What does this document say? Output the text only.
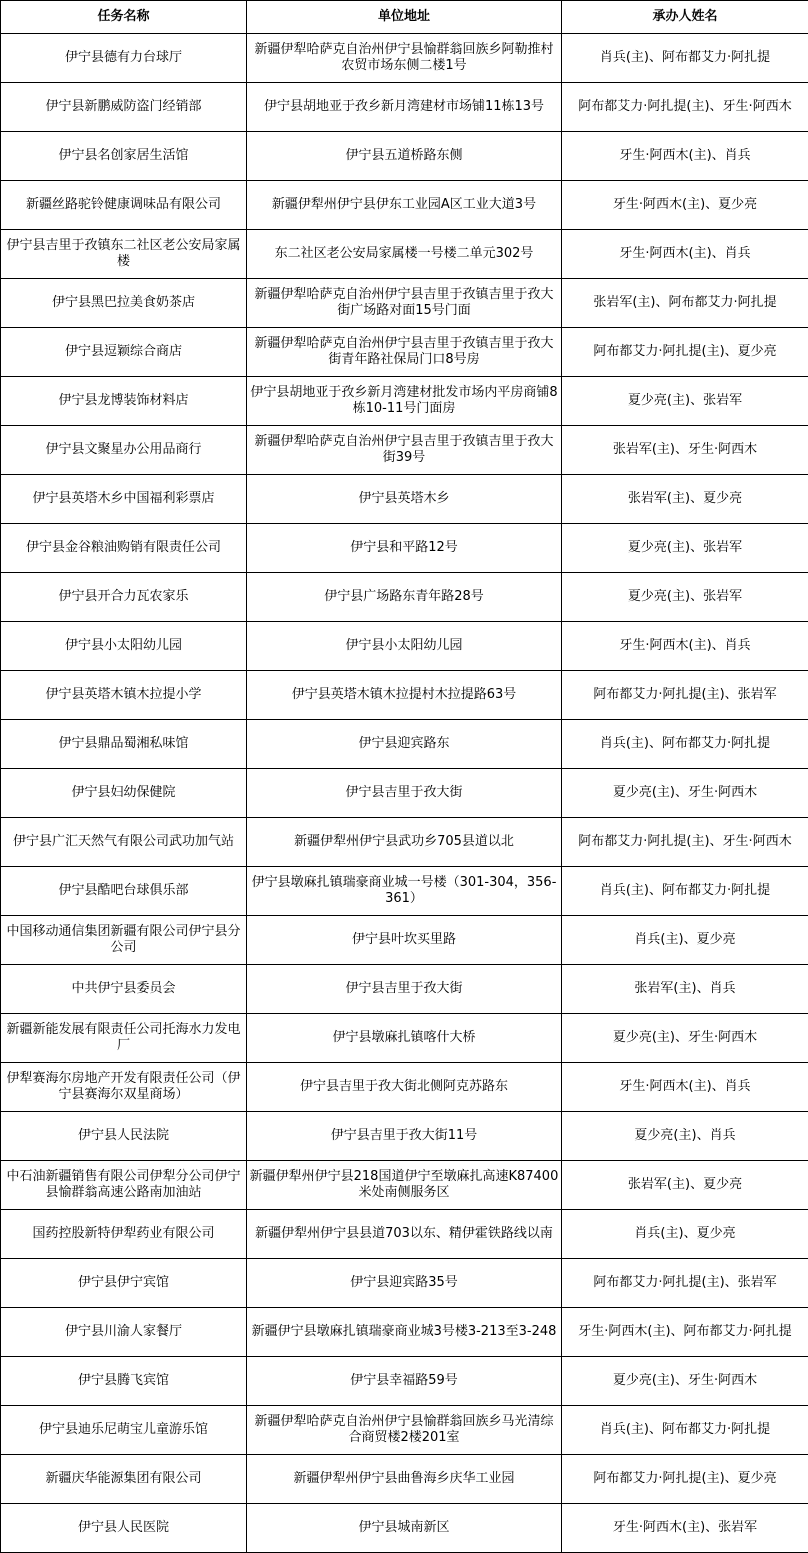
任务名称	单位地址	承办人姓名
伊宁县德有力台球厅	新疆伊犁哈萨克自治州伊宁县愉群翁回族乡阿勒推村农贸市场东侧二楼1号	肖兵(主)、阿布都艾力·阿扎提
伊宁县新鹏威防盗门经销部	伊宁县胡地亚于孜乡新月湾建材市场铺11栋13号	阿布都艾力·阿扎提(主)、牙生·阿西木
伊宁县名创家居生活馆	伊宁县五道桥路东侧	牙生·阿西木(主)、肖兵
新疆丝路驼铃健康调味品有限公司	新疆伊犁州伊宁县伊东工业园A区工业大道3号	牙生·阿西木(主)、夏少亮
伊宁县吉里于孜镇东二社区老公安局家属楼	东二社区老公安局家属楼一号楼二单元302号	牙生·阿西木(主)、肖兵
伊宁县黑巴拉美食奶茶店	新疆伊犁哈萨克自治州伊宁县吉里于孜镇吉里于孜大街广场路对面15号门面	张岩军(主)、阿布都艾力·阿扎提
伊宁县逗颖综合商店	新疆伊犁哈萨克自治州伊宁县吉里于孜镇吉里于孜大街青年路社保局门口8号房	阿布都艾力·阿扎提(主)、夏少亮
伊宁县龙博装饰材料店	伊宁县胡地亚于孜乡新月湾建材批发市场内平房商铺8栋10-11号门面房	夏少亮(主)、张岩军
伊宁县文聚星办公用品商行	新疆伊犁哈萨克自治州伊宁县吉里于孜镇吉里于孜大街39号	张岩军(主)、牙生·阿西木
伊宁县英塔木乡中国福利彩票店	伊宁县英塔木乡	张岩军(主)、夏少亮
伊宁县金谷粮油购销有限责任公司	伊宁县和平路12号	夏少亮(主)、张岩军
伊宁县开合力瓦农家乐	伊宁县广场路东青年路28号	夏少亮(主)、张岩军
伊宁县小太阳幼儿园	伊宁县小太阳幼儿园	牙生·阿西木(主)、肖兵
伊宁县英塔木镇木拉提小学	伊宁县英塔木镇木拉提村木拉提路63号	阿布都艾力·阿扎提(主)、张岩军
伊宁县鼎品蜀湘私味馆	伊宁县迎宾路东	肖兵(主)、阿布都艾力·阿扎提
伊宁县妇幼保健院	伊宁县吉里于孜大街	夏少亮(主)、牙生·阿西木
伊宁县广汇天然气有限公司武功加气站	新疆伊犁州伊宁县武功乡705县道以北	阿布都艾力·阿扎提(主)、牙生·阿西木
伊宁县酷吧台球俱乐部	伊宁县墩麻扎镇瑞豪商业城一号楼（301-304，356-361）	肖兵(主)、阿布都艾力·阿扎提
中国移动通信集团新疆有限公司伊宁县分公司	伊宁县叶坎买里路	肖兵(主)、夏少亮
中共伊宁县委员会	伊宁县吉里于孜大街	张岩军(主)、肖兵
新疆新能发展有限责任公司托海水力发电厂	伊宁县墩麻扎镇喀什大桥	夏少亮(主)、牙生·阿西木
伊犁赛海尔房地产开发有限责任公司（伊宁县赛海尔双星商场）	伊宁县吉里于孜大街北侧阿克苏路东	牙生·阿西木(主)、肖兵
伊宁县人民法院	伊宁县吉里于孜大街11号	夏少亮(主)、肖兵
中石油新疆销售有限公司伊犁分公司伊宁县愉群翁高速公路南加油站	新疆伊犁州伊宁县218国道伊宁至墩麻扎高速K87400米处南侧服务区	张岩军(主)、夏少亮
国药控股新特伊犁药业有限公司	新疆伊犁州伊宁县县道703以东、精伊霍铁路线以南	肖兵(主)、夏少亮
伊宁县伊宁宾馆	伊宁县迎宾路35号	阿布都艾力·阿扎提(主)、张岩军
伊宁县川渝人家餐厅	新疆伊宁县墩麻扎镇瑞豪商业城3号楼3-213至3-248	牙生·阿西木(主)、阿布都艾力·阿扎提
伊宁县腾飞宾馆	伊宁县幸福路59号	夏少亮(主)、牙生·阿西木
伊宁县迪乐尼萌宝儿童游乐馆	新疆伊犁哈萨克自治州伊宁县愉群翁回族乡马光清综合商贸楼2楼201室	肖兵(主)、阿布都艾力·阿扎提
新疆庆华能源集团有限公司	新疆伊犁州伊宁县曲鲁海乡庆华工业园	阿布都艾力·阿扎提(主)、夏少亮
伊宁县人民医院	伊宁县城南新区	牙生·阿西木(主)、张岩军
